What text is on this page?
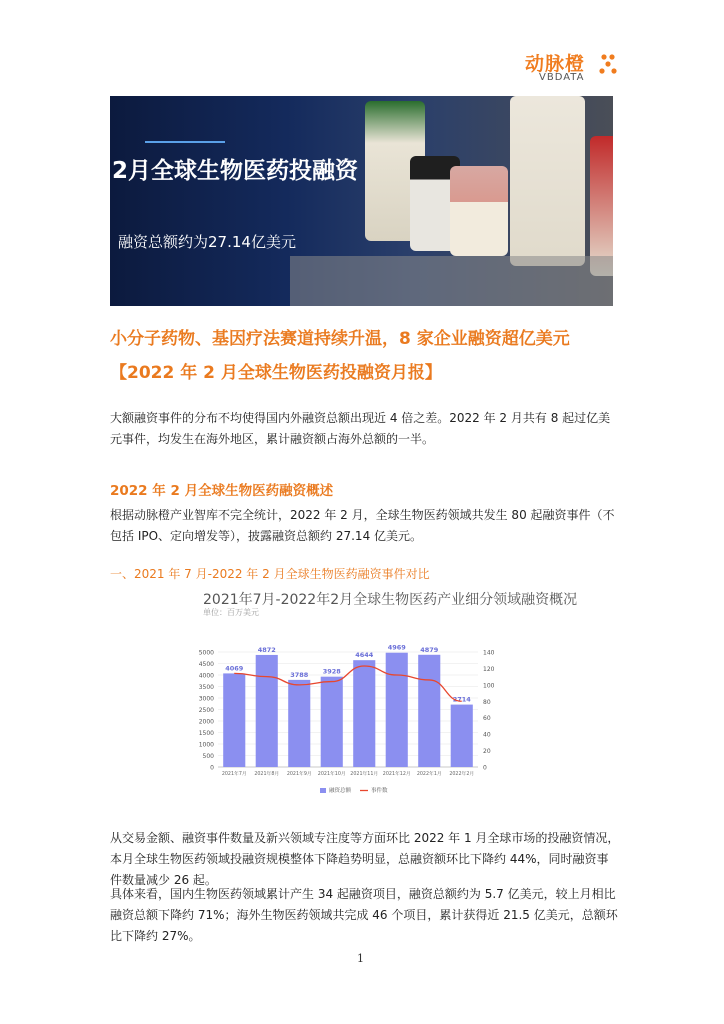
动脉橙
VBDATA
2月全球生物医药投融资
融资总额约为27.14亿美元
小分子药物、基因疗法赛道持续升温，8 家企业融资超亿美元【2022 年 2 月全球生物医药投融资月报】
大额融资事件的分布不均使得国内外融资总额出现近 4 倍之差。2022 年 2 月共有 8 起过亿美元事件，均发生在海外地区，累计融资额占海外总额的一半。
2022 年 2 月全球生物医药融资概述
根据动脉橙产业智库不完全统计，2022 年 2 月，全球生物医药领域共发生 80 起融资事件（不包括 IPO、定向增发等），披露融资总额约 27.14 亿美元。
一、2021 年 7 月-2022 年 2 月全球生物医药融资事件对比
2021年7月-2022年2月全球生物医药产业细分领域融资概况
单位：百万美元
0
500
1000
1500
2000
2500
3000
3500
4000
4500
5000
0
20
40
60
80
100
120
140
4069
2021年7月
4872
2021年8月
3788
2021年9月
3928
2021年10月
4644
2021年11月
4969
2021年12月
4879
2022年1月
2714
2022年2月
融资总额	事件数
从交易金额、融资事件数量及新兴领域专注度等方面环比 2022 年 1 月全球市场的投融资情况，本月全球生物医药领域投融资规模整体下降趋势明显，总融资额环比下降约 44%，同时融资事件数量减少 26 起。
具体来看，国内生物医药领域累计产生 34 起融资项目，融资总额约为 5.7 亿美元，较上月相比融资总额下降约 71%；海外生物医药领域共完成 46 个项目，累计获得近 21.5 亿美元，总额环比下降约 27%。
1
